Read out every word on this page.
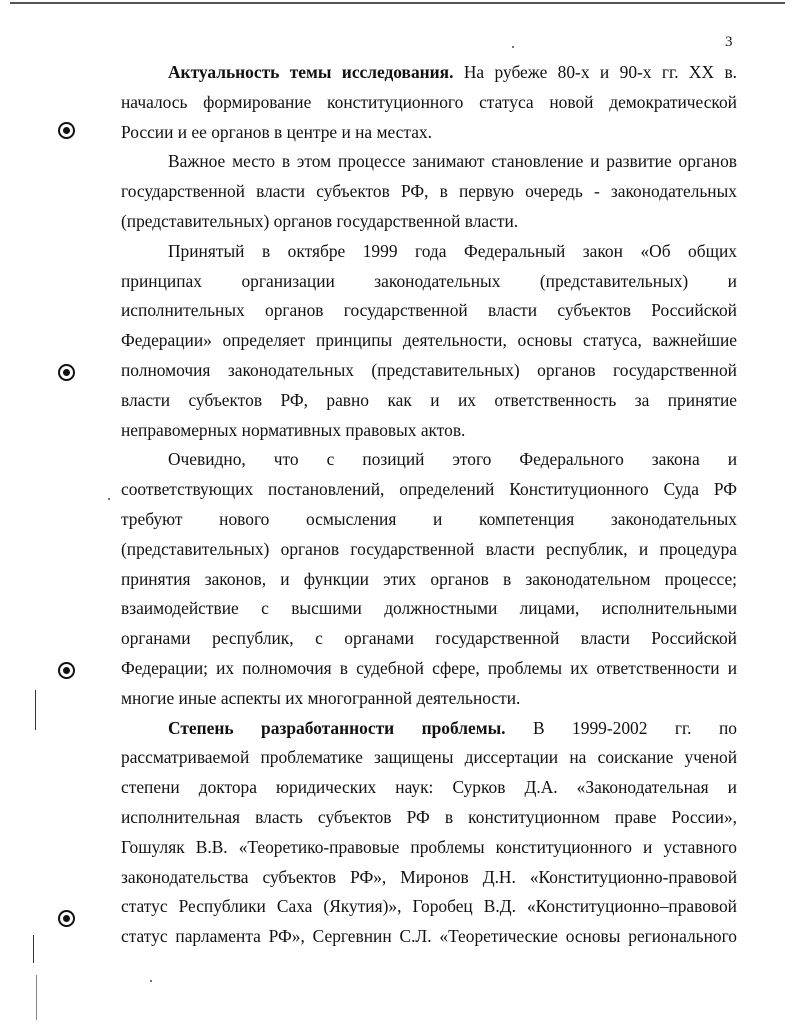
3
Актуальность темы исследования. На рубеже 80-х и 90-х гг. XX в.
началось формирование конституционного статуса новой демократической
России и ее органов в центре и на местах.
Важное место в этом процессе занимают становление и развитие органов
государственной власти субъектов РФ, в первую очередь - законодательных
(представительных) органов государственной власти.
Принятый в октябре 1999 года Федеральный закон «Об общих
принципах организации законодательных (представительных) и
исполнительных органов государственной власти субъектов Российской
Федерации» определяет принципы деятельности, основы статуса, важнейшие
полномочия законодательных (представительных) органов государственной
власти субъектов РФ, равно как и их ответственность за принятие
неправомерных нормативных правовых актов.
Очевидно, что с позиций этого Федерального закона и
соответствующих постановлений, определений Конституционного Суда РФ
требуют нового осмысления и компетенция законодательных
(представительных) органов государственной власти республик, и процедура
принятия законов, и функции этих органов в законодательном процессе;
взаимодействие с высшими должностными лицами, исполнительными
органами республик, с органами государственной власти Российской
Федерации; их полномочия в судебной сфере, проблемы их ответственности и
многие иные аспекты их многогранной деятельности.
Степень разработанности проблемы. В 1999-2002 гг. по
рассматриваемой проблематике защищены диссертации на соискание ученой
степени доктора юридических наук: Сурков Д.А. «Законодательная и
исполнительная власть субъектов РФ в конституционном праве России»,
Гошуляк В.В. «Теоретико-правовые проблемы конституционного и уставного
законодательства субъектов РФ», Миронов Д.Н. «Конституционно-правовой
статус Республики Саха (Якутия)», Горобец В.Д. «Конституционно–правовой
статус парламента РФ», Сергевнин С.Л. «Теоретические основы регионального
